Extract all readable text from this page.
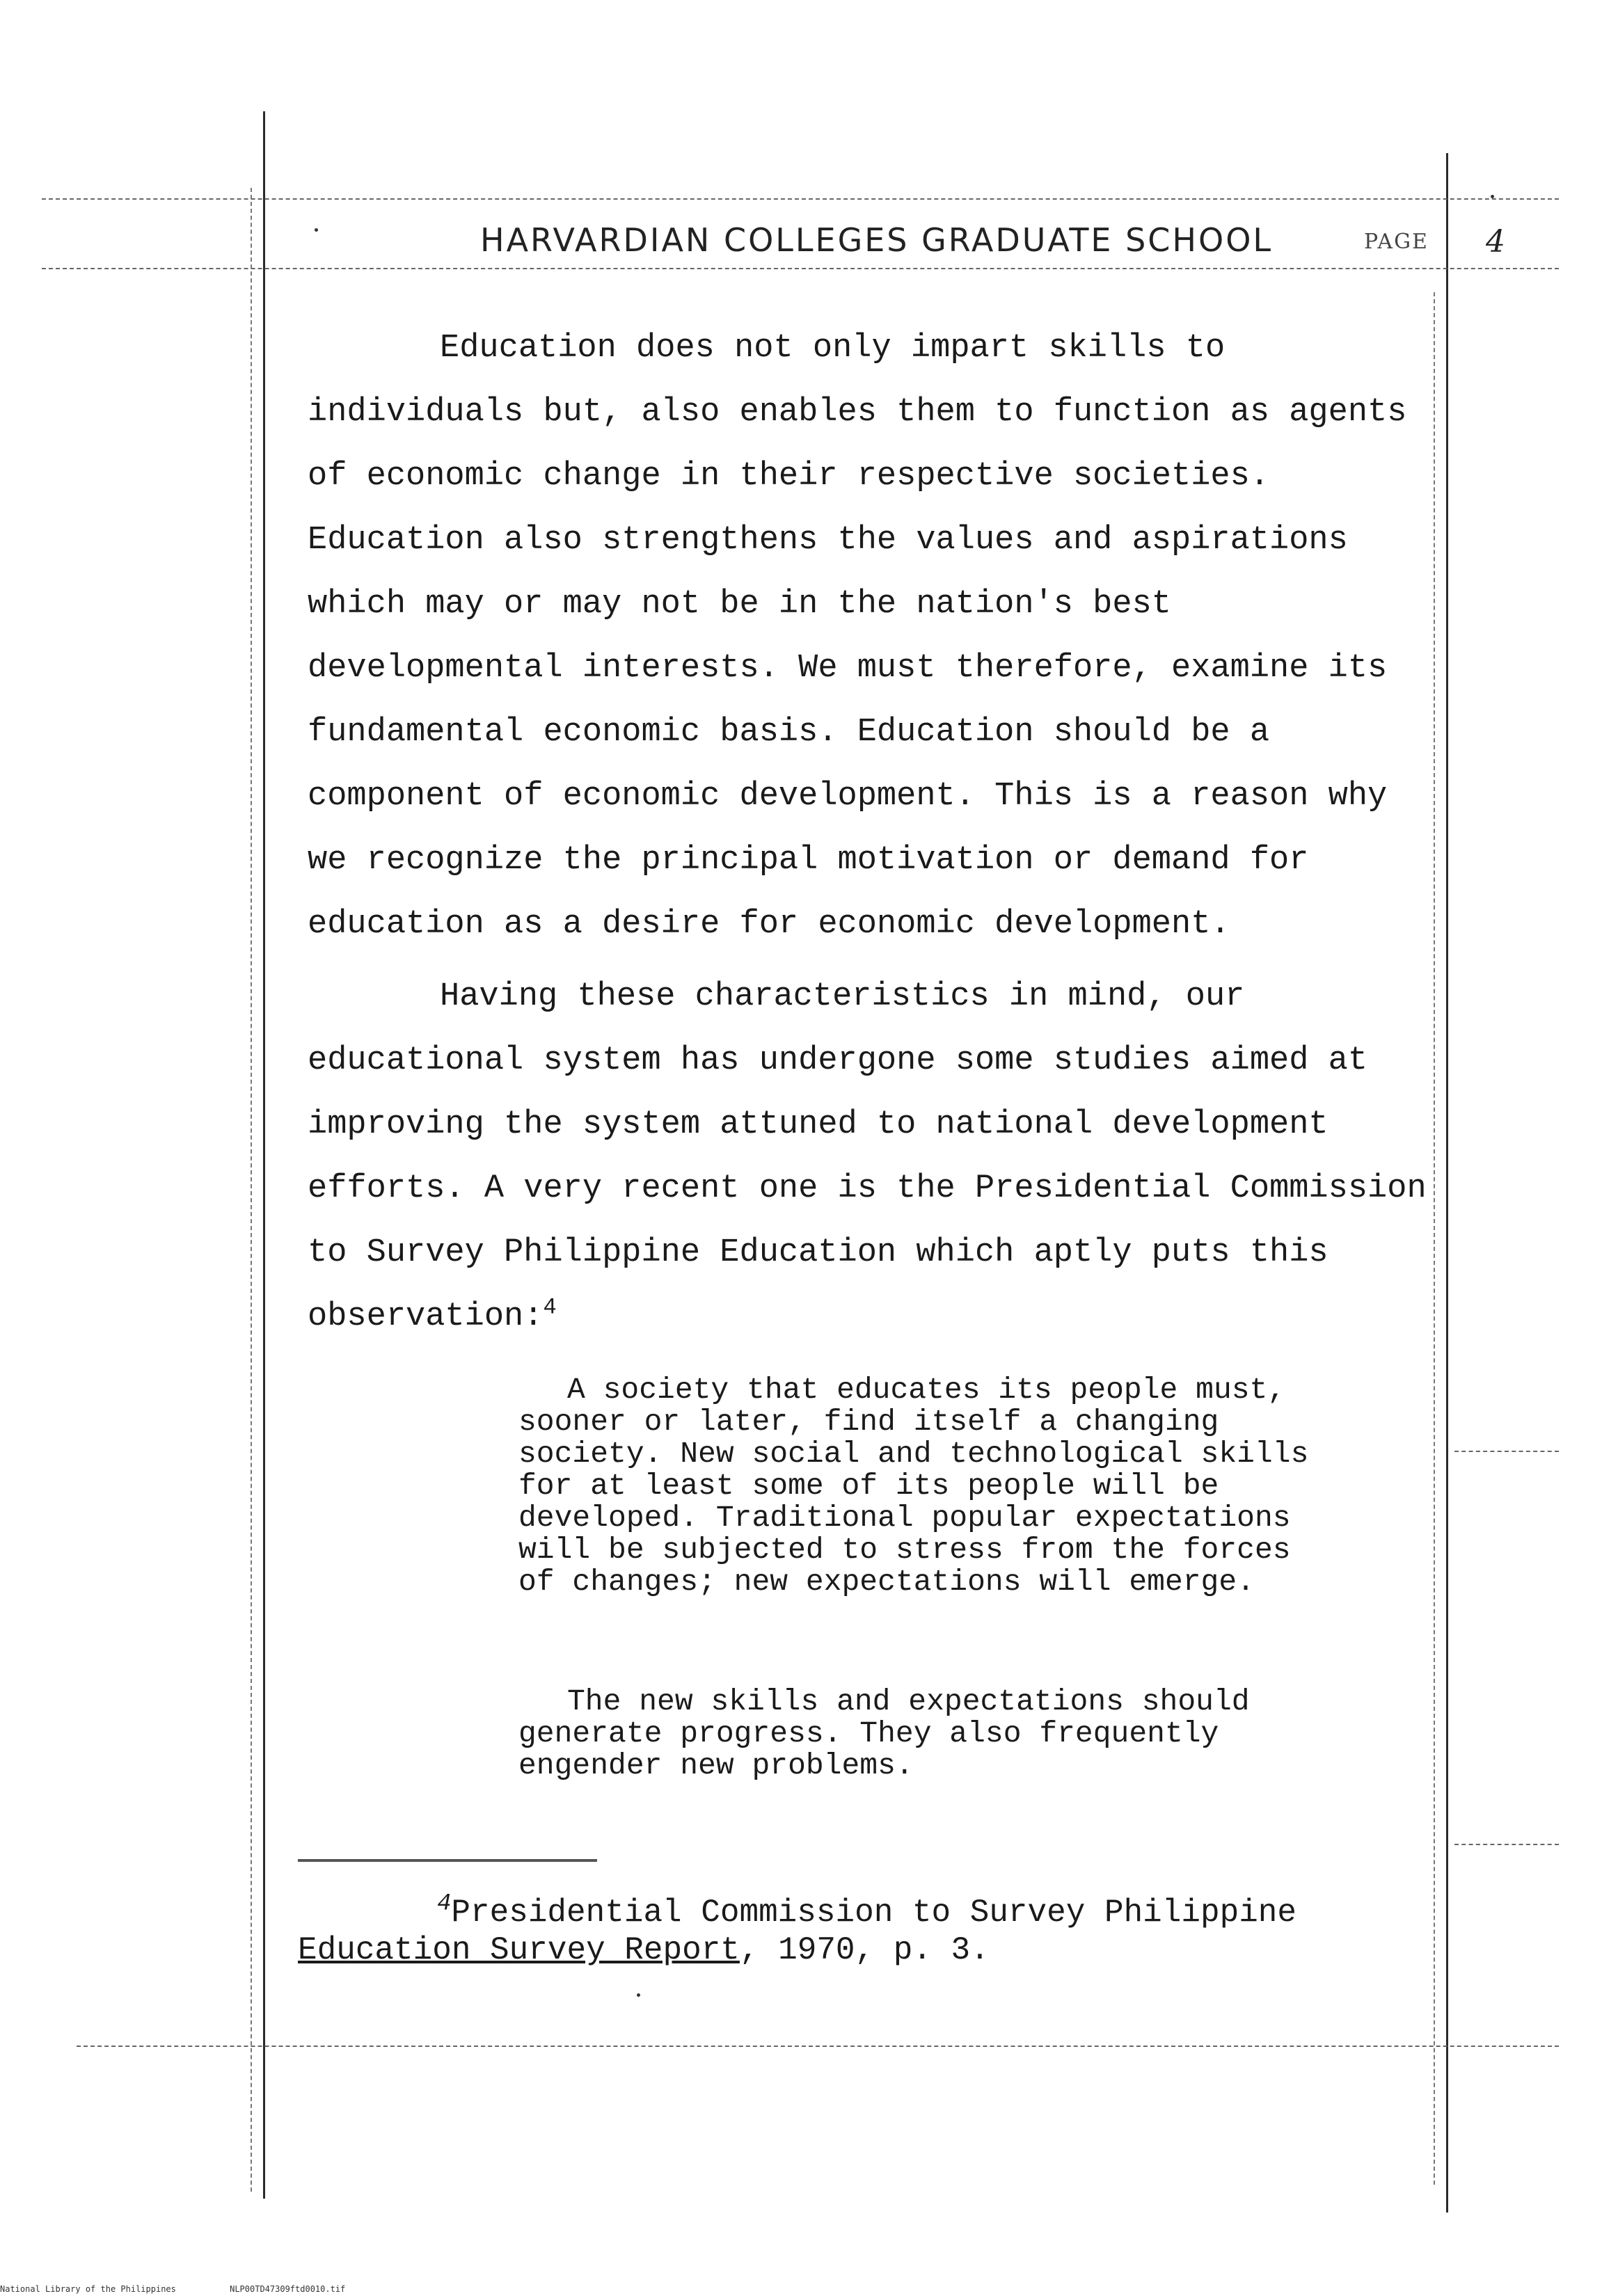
HARVARDIAN COLLEGES GRADUATE SCHOOL	PAGE 4

Education does not only impart skills to individuals but, also enables them to function as agents of economic change in their respective societies. Education also strengthens the values and aspirations which may or may not be in the nation's best developmental interests. We must therefore, examine its fundamental economic basis. Education should be a component of economic development. This is a reason why we recognize the principal motivation or demand for education as a desire for economic development.

Having these characteristics in mind, our educational system has undergone some studies aimed at improving the system attuned to national development efforts. A very recent one is the Presidential Commission to Survey Philippine Education which aptly puts this observation:$^4$

A society that educates its people must, sooner or later, find itself a changing society. New social and technological skills for at least some of its people will be developed. Traditional popular expectations will be subjected to stress from the forces of changes; new expectations will emerge.

The new skills and expectations should generate progress. They also frequently engender new problems.

$^4$Presidential Commission to Survey Philippine Education Survey Report, 1970, p. 3.

National Library of the Philippines	NLP00TD47309ftd0010.tif
